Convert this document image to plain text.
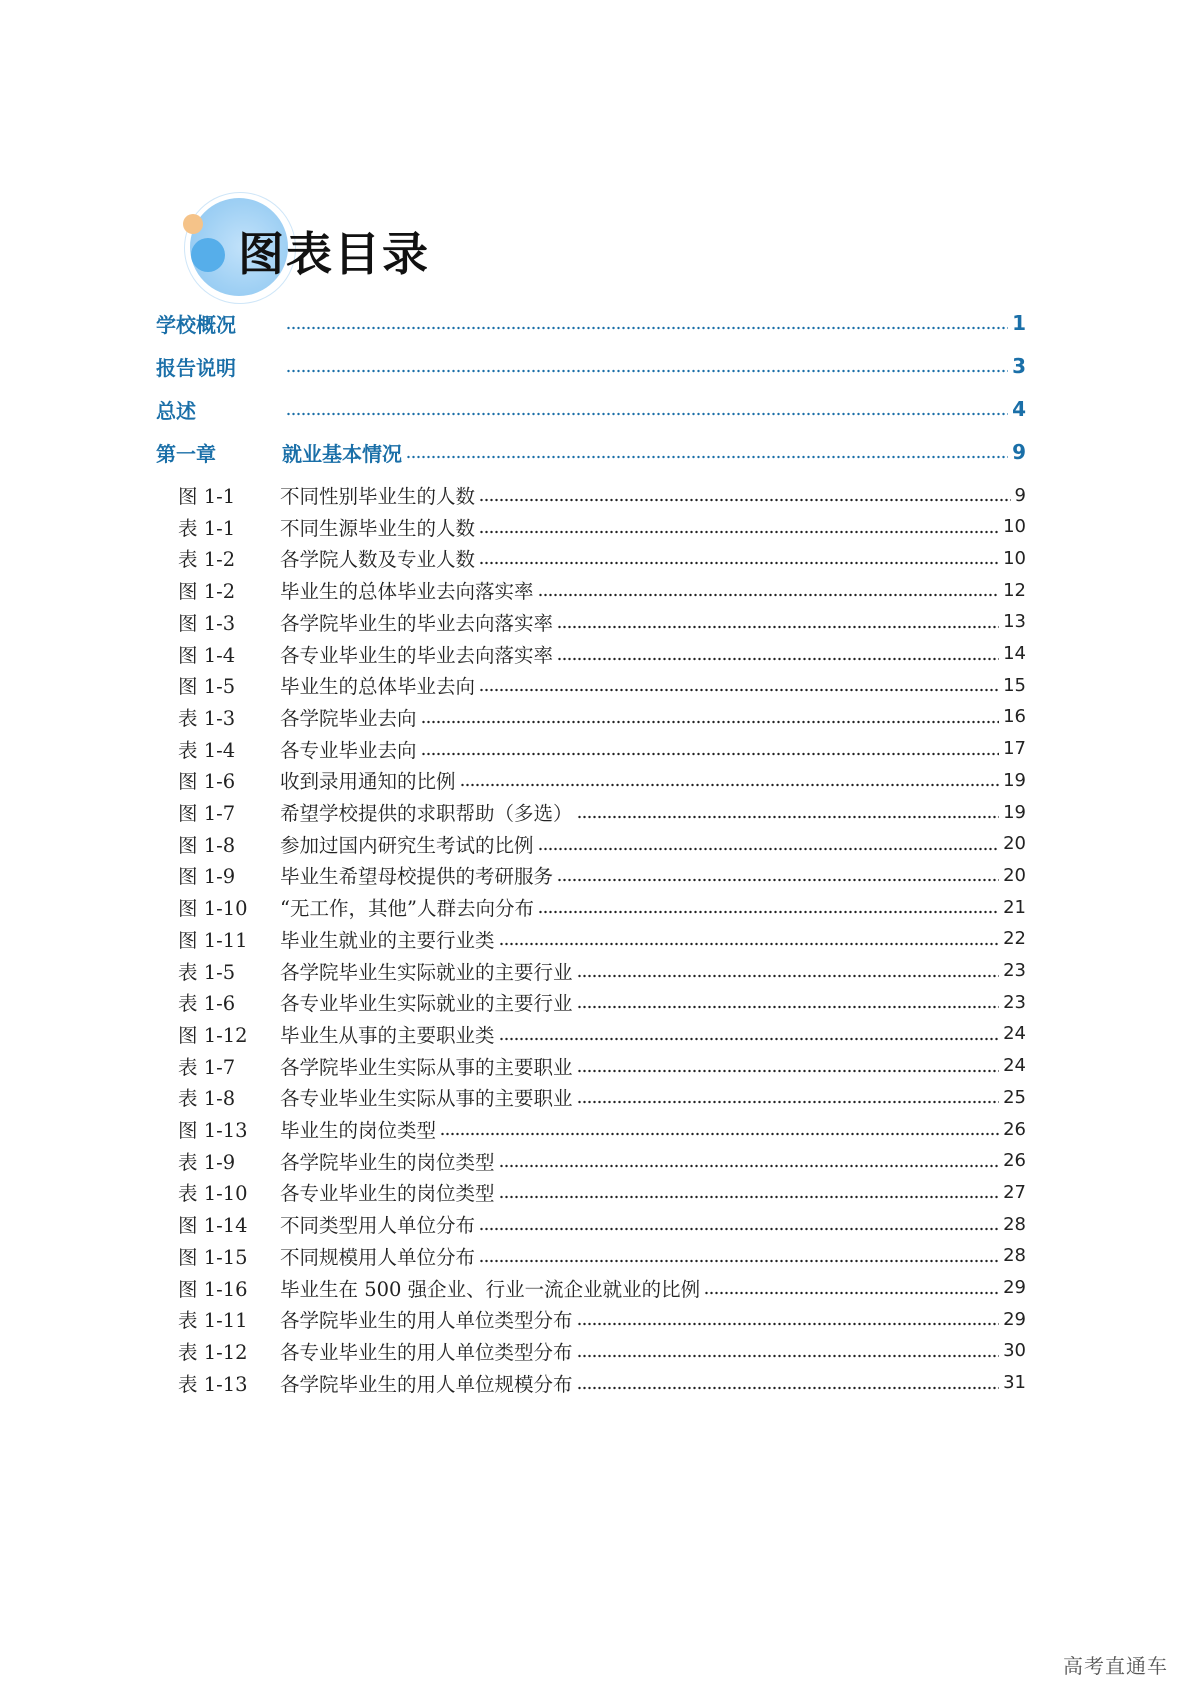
图表目录
学校概况	1
报告说明	3
总述	4
第一章	就业基本情况	9
图 1-1	不同性别毕业生的人数	9
表 1-1	不同生源毕业生的人数	10
表 1-2	各学院人数及专业人数	10
图 1-2	毕业生的总体毕业去向落实率	12
图 1-3	各学院毕业生的毕业去向落实率	13
图 1-4	各专业毕业生的毕业去向落实率	14
图 1-5	毕业生的总体毕业去向	15
表 1-3	各学院毕业去向	16
表 1-4	各专业毕业去向	17
图 1-6	收到录用通知的比例	19
图 1-7	希望学校提供的求职帮助（多选）	19
图 1-8	参加过国内研究生考试的比例	20
图 1-9	毕业生希望母校提供的考研服务	20
图 1-10	“无工作，其他”人群去向分布	21
图 1-11	毕业生就业的主要行业类	22
表 1-5	各学院毕业生实际就业的主要行业	23
表 1-6	各专业毕业生实际就业的主要行业	23
图 1-12	毕业生从事的主要职业类	24
表 1-7	各学院毕业生实际从事的主要职业	24
表 1-8	各专业毕业生实际从事的主要职业	25
图 1-13	毕业生的岗位类型	26
表 1-9	各学院毕业生的岗位类型	26
表 1-10	各专业毕业生的岗位类型	27
图 1-14	不同类型用人单位分布	28
图 1-15	不同规模用人单位分布	28
图 1-16	毕业生在 500 强企业、行业一流企业就业的比例	29
表 1-11	各学院毕业生的用人单位类型分布	29
表 1-12	各专业毕业生的用人单位类型分布	30
表 1-13	各学院毕业生的用人单位规模分布	31
高考直通车
